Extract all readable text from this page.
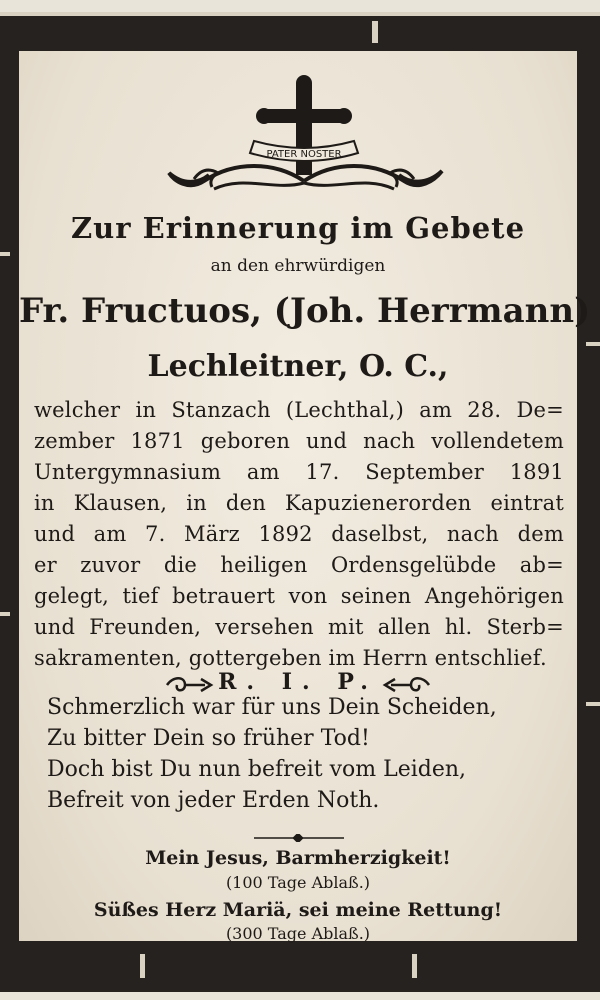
PATER NOSTER
Zur Erinnerung im Gebete
an den ehrwürdigen
Fr. Fructuos, (Joh. Herrmann)
Lechleitner, O. C.,
welcher in Stanzach (Lechthal,) am 28. De=
zember 1871 geboren und nach vollendetem
Untergymnasium am 17. September 1891
in Klausen, in den Kapuzienerorden eintrat
und am 7. März 1892 daselbst, nach dem
er zuvor die heiligen Ordensgelübde ab=
gelegt, tief betrauert von seinen Angehörigen
und Freunden, versehen mit allen hl. Sterb=
sakramenten, gottergeben im Herrn entschlief.
R. I. P.
Schmerzlich war für uns Dein Scheiden,
Zu bitter Dein so früher Tod!
Doch bist Du nun befreit vom Leiden,
Befreit von jeder Erden Noth.
Mein Jesus, Barmherzigkeit!
(100 Tage Ablaß.)
Süßes Herz Mariä, sei meine Rettung!
(300 Tage Ablaß.)
